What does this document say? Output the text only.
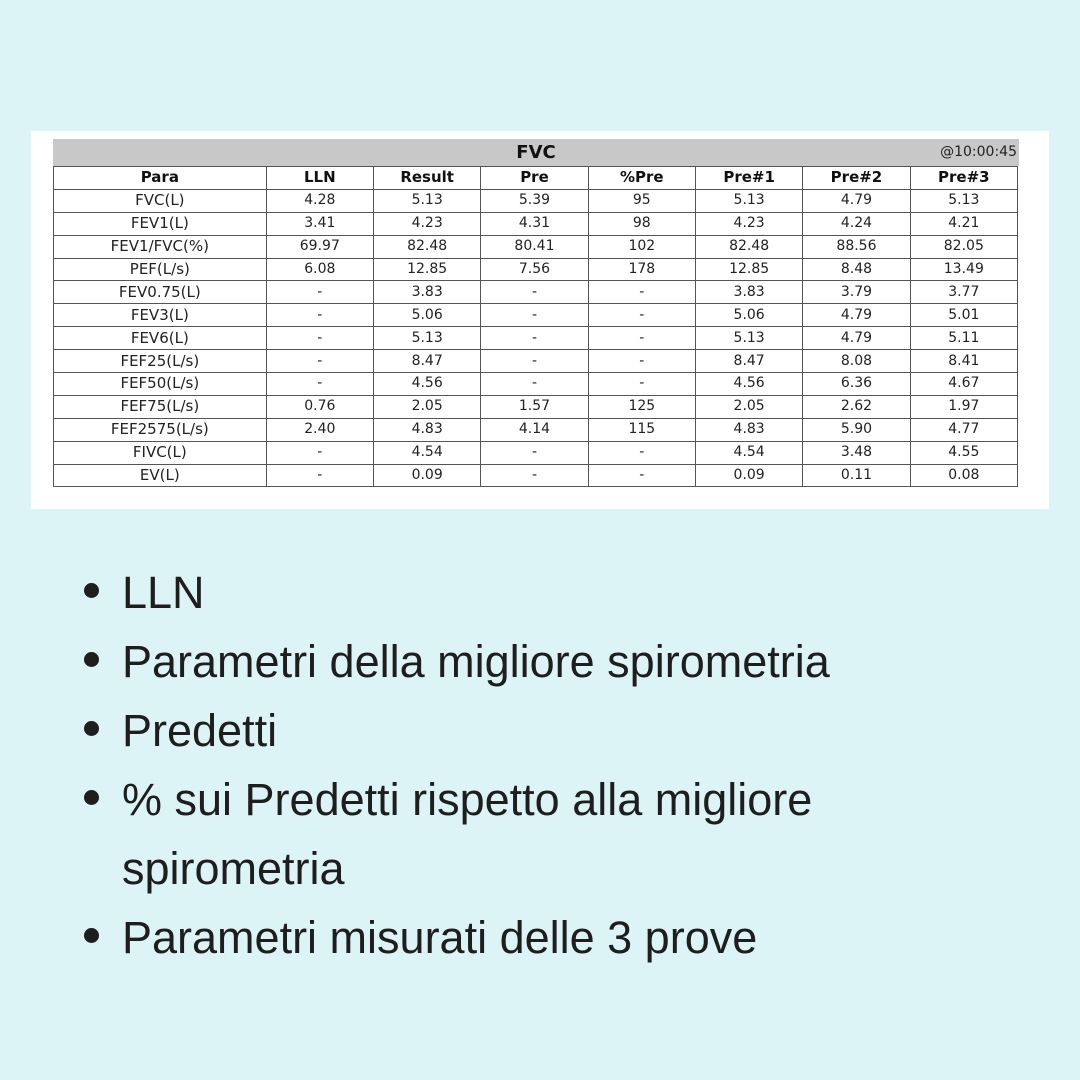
FVC	@10:00:45
Para	LLN	Result	Pre	%Pre	Pre#1	Pre#2	Pre#3
FVC(L)	4.28	5.13	5.39	95	5.13	4.79	5.13
FEV1(L)	3.41	4.23	4.31	98	4.23	4.24	4.21
FEV1/FVC(%)	69.97	82.48	80.41	102	82.48	88.56	82.05
PEF(L/s)	6.08	12.85	7.56	178	12.85	8.48	13.49
FEV0.75(L)	-	3.83	-	-	3.83	3.79	3.77
FEV3(L)	-	5.06	-	-	5.06	4.79	5.01
FEV6(L)	-	5.13	-	-	5.13	4.79	5.11
FEF25(L/s)	-	8.47	-	-	8.47	8.08	8.41
FEF50(L/s)	-	4.56	-	-	4.56	6.36	4.67
FEF75(L/s)	0.76	2.05	1.57	125	2.05	2.62	1.97
FEF2575(L/s)	2.40	4.83	4.14	115	4.83	5.90	4.77
FIVC(L)	-	4.54	-	-	4.54	3.48	4.55
EV(L)	-	0.09	-	-	0.09	0.11	0.08
LLN
Parametri della migliore spirometria
Predetti
% sui Predetti rispetto alla migliore spirometria
Parametri misurati delle 3 prove
